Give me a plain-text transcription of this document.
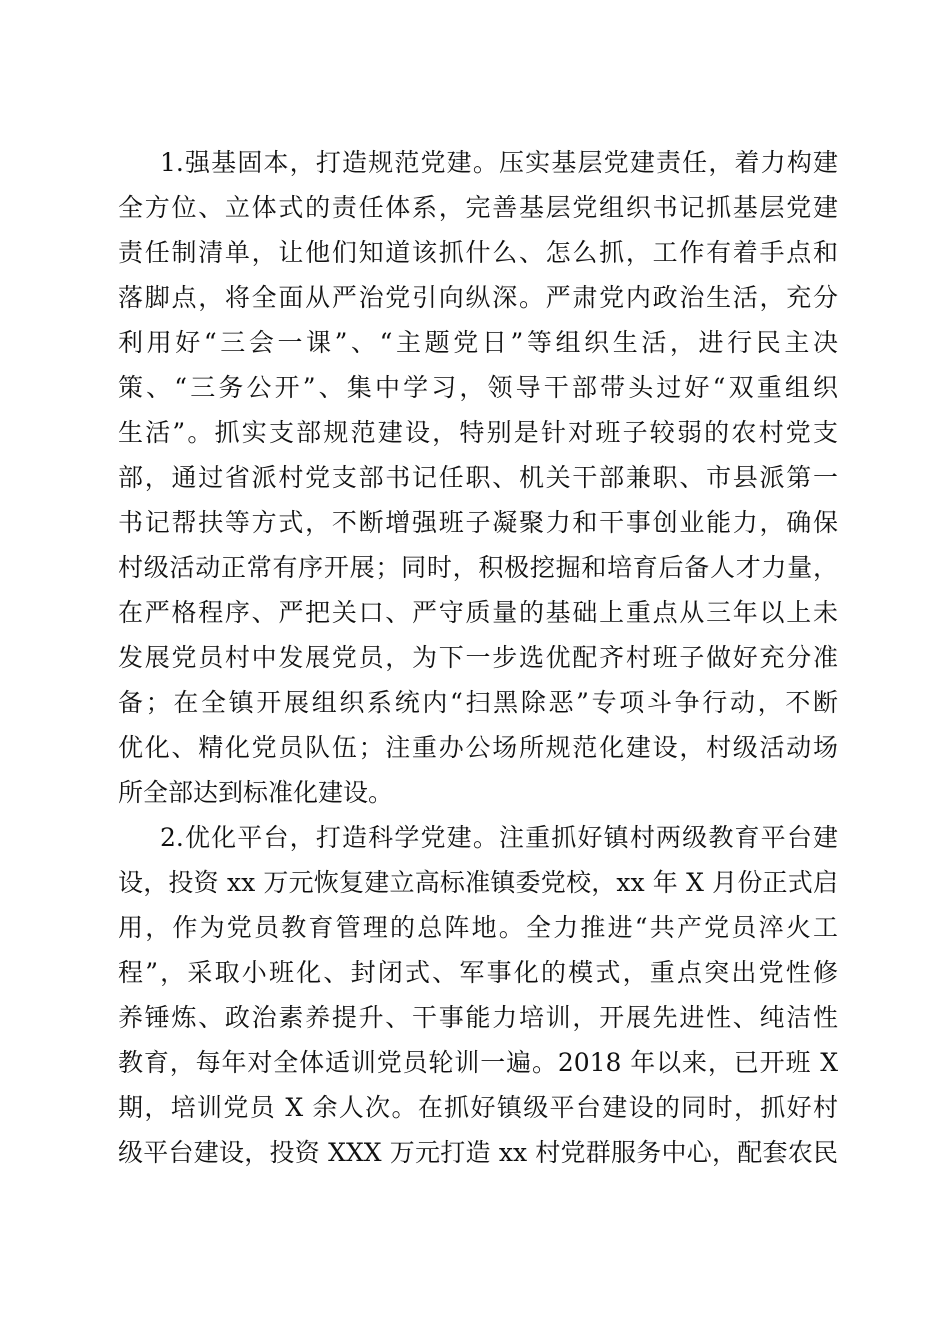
1.强基固本，打造规范党建。压实基层党建责任，着力构建
全方位、立体式的责任体系，完善基层党组织书记抓基层党建
责任制清单，让他们知道该抓什么、怎么抓，工作有着手点和
落脚点，将全面从严治党引向纵深。严肃党内政治生活，充分
利用好“三会一课”、“主题党日”等组织生活，进行民主决
策、“三务公开”、集中学习，领导干部带头过好“双重组织
生活”。抓实支部规范建设，特别是针对班子较弱的农村党支
部，通过省派村党支部书记任职、机关干部兼职、市县派第一
书记帮扶等方式，不断增强班子凝聚力和干事创业能力，确保
村级活动正常有序开展；同时，积极挖掘和培育后备人才力量，
在严格程序、严把关口、严守质量的基础上重点从三年以上未
发展党员村中发展党员，为下一步选优配齐村班子做好充分准
备；在全镇开展组织系统内“扫黑除恶”专项斗争行动，不断
优化、精化党员队伍；注重办公场所规范化建设，村级活动场
所全部达到标准化建设。
2.优化平台，打造科学党建。注重抓好镇村两级教育平台建
设，投资 xx 万元恢复建立高标准镇委党校，xx 年 X 月份正式启
用，作为党员教育管理的总阵地。全力推进“共产党员淬火工
程”，采取小班化、封闭式、军事化的模式，重点突出党性修
养锤炼、政治素养提升、干事能力培训，开展先进性、纯洁性
教育，每年对全体适训党员轮训一遍。2018 年以来，已开班 X
期，培训党员 X 余人次。在抓好镇级平台建设的同时，抓好村
级平台建设，投资 XXX 万元打造 xx 村党群服务中心，配套农民
